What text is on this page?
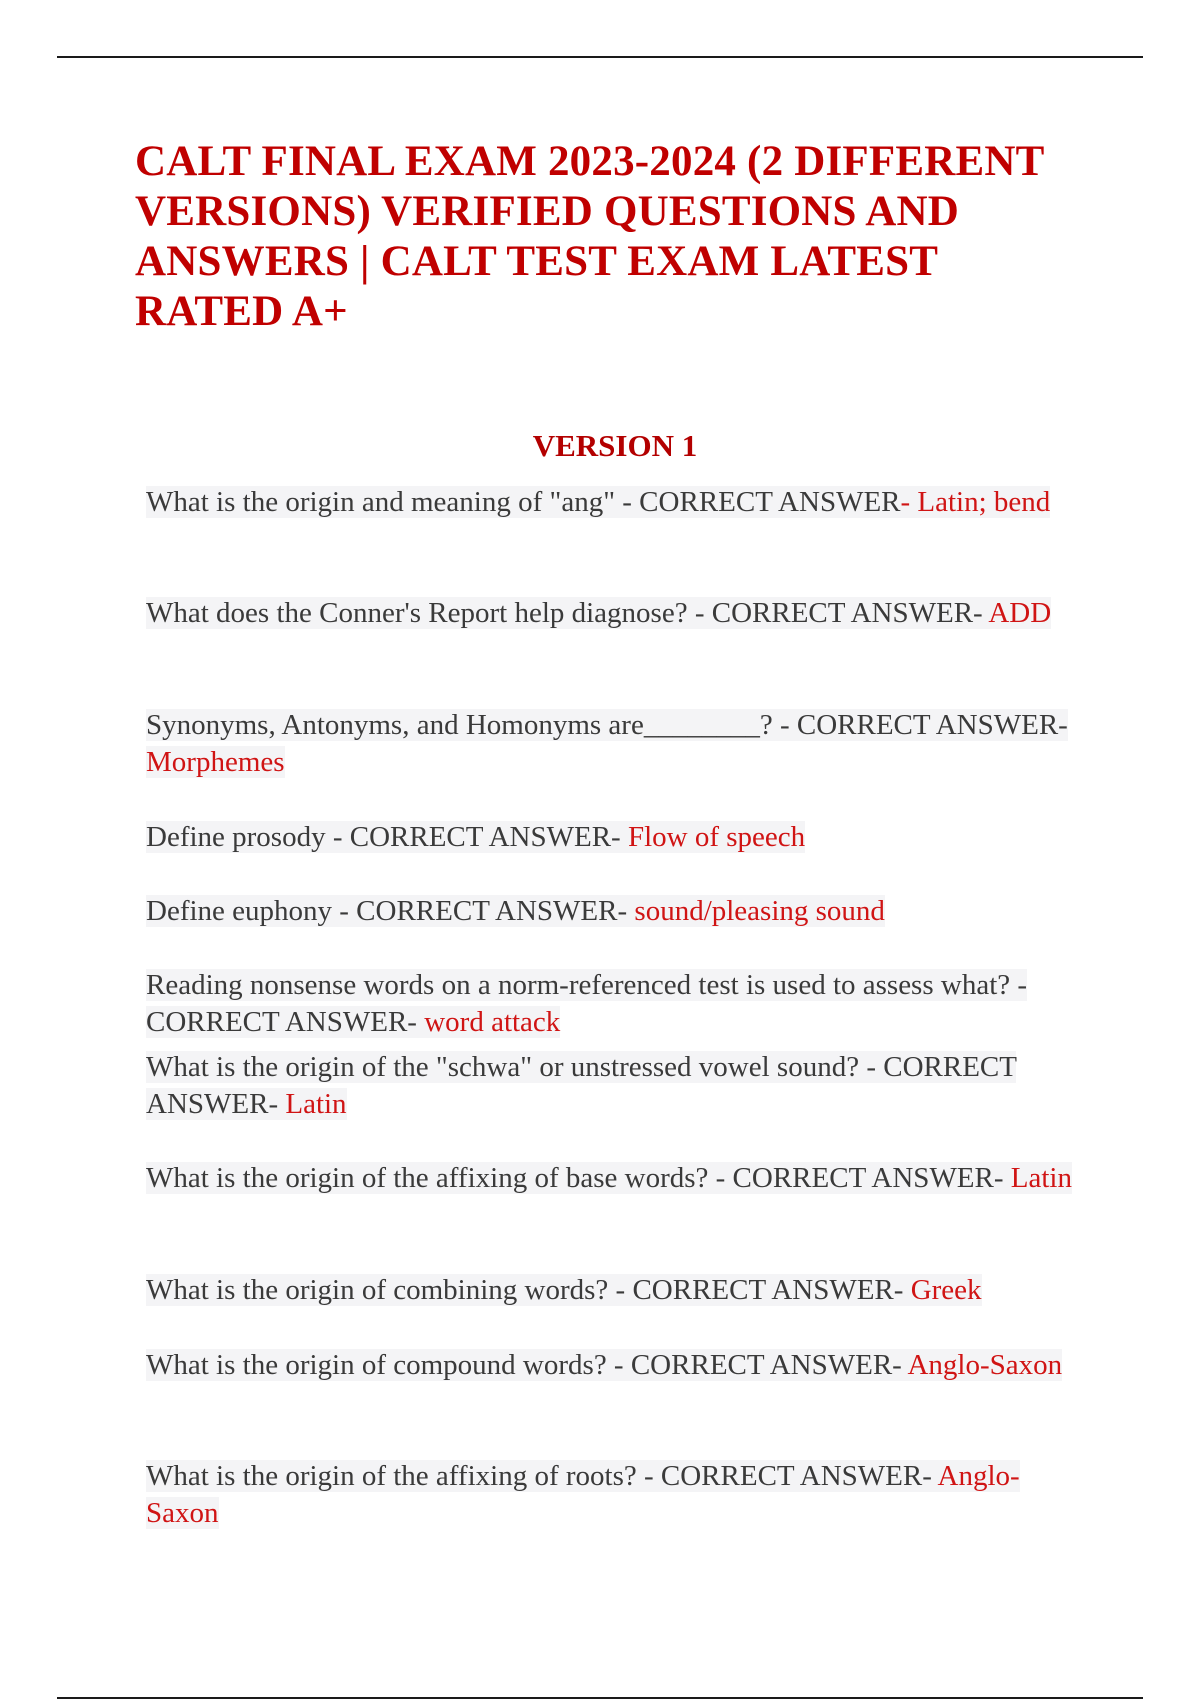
CALT FINAL EXAM 2023-2024 (2 DIFFERENT VERSIONS) VERIFIED QUESTIONS AND ANSWERS | CALT TEST EXAM LATEST RATED A+
VERSION 1

What is the origin and meaning of "ang" - CORRECT ANSWER- Latin; bend

What does the Conner's Report help diagnose? - CORRECT ANSWER- ADD

Synonyms, Antonyms, and Homonyms are________? - CORRECT ANSWER- Morphemes

Define prosody - CORRECT ANSWER- Flow of speech

Define euphony - CORRECT ANSWER- sound/pleasing sound

Reading nonsense words on a norm-referenced test is used to assess what? - CORRECT ANSWER- word attack

What is the origin of the "schwa" or unstressed vowel sound? - CORRECT ANSWER- Latin

What is the origin of the affixing of base words? - CORRECT ANSWER- Latin

What is the origin of combining words? - CORRECT ANSWER- Greek

What is the origin of compound words? - CORRECT ANSWER- Anglo-Saxon

What is the origin of the affixing of roots? - CORRECT ANSWER- Anglo-Saxon
